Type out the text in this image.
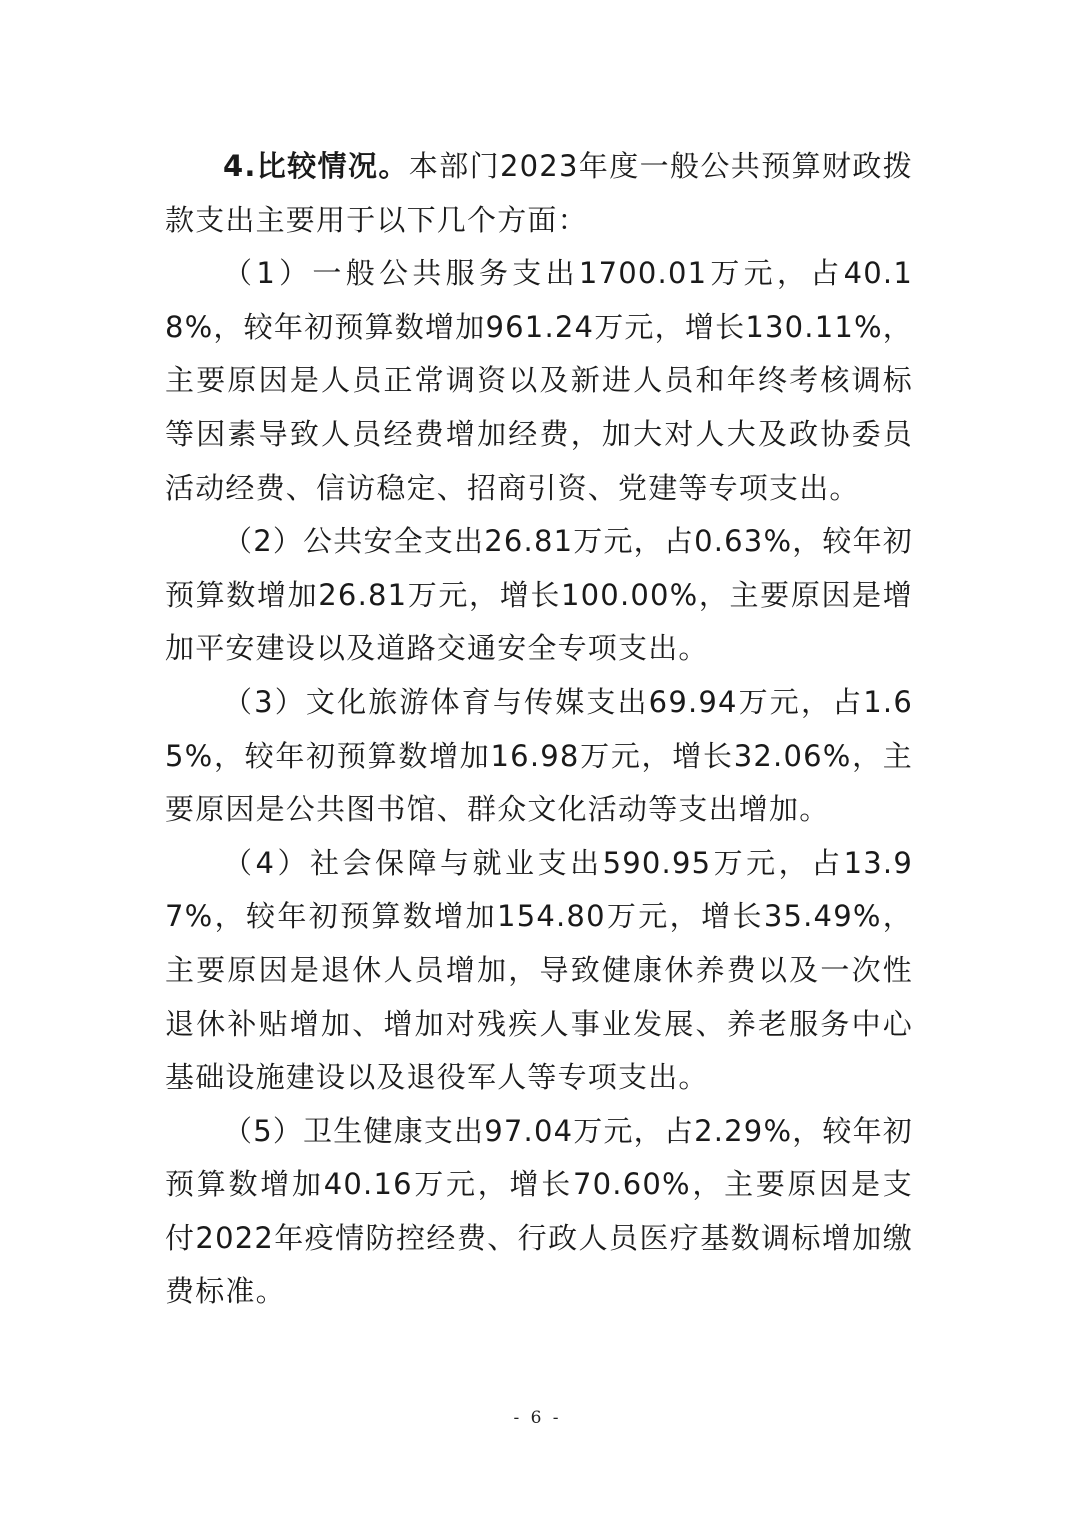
4.比较情况。本部门2023年度一般公共预算财政拨款支出主要用于以下几个方面：

（1）一般公共服务支出1700.01万元，占40.18%，较年初预算数增加961.24万元，增长130.11%，主要原因是人员正常调资以及新进人员和年终考核调标等因素导致人员经费增加经费，加大对人大及政协委员活动经费、信访稳定、招商引资、党建等专项支出。

（2）公共安全支出26.81万元，占0.63%，较年初预算数增加26.81万元，增长100.00%，主要原因是增加平安建设以及道路交通安全专项支出。

（3）文化旅游体育与传媒支出69.94万元，占1.65%，较年初预算数增加16.98万元，增长32.06%，主要原因是公共图书馆、群众文化活动等支出增加。

（4）社会保障与就业支出590.95万元，占13.97%，较年初预算数增加154.80万元，增长35.49%，主要原因是退休人员增加，导致健康休养费以及一次性退休补贴增加、增加对残疾人事业发展、养老服务中心基础设施建设以及退役军人等专项支出。

（5）卫生健康支出97.04万元，占2.29%，较年初预算数增加40.16万元，增长70.60%，主要原因是支付2022年疫情防控经费、行政人员医疗基数调标增加缴费标准。

- 6 -
